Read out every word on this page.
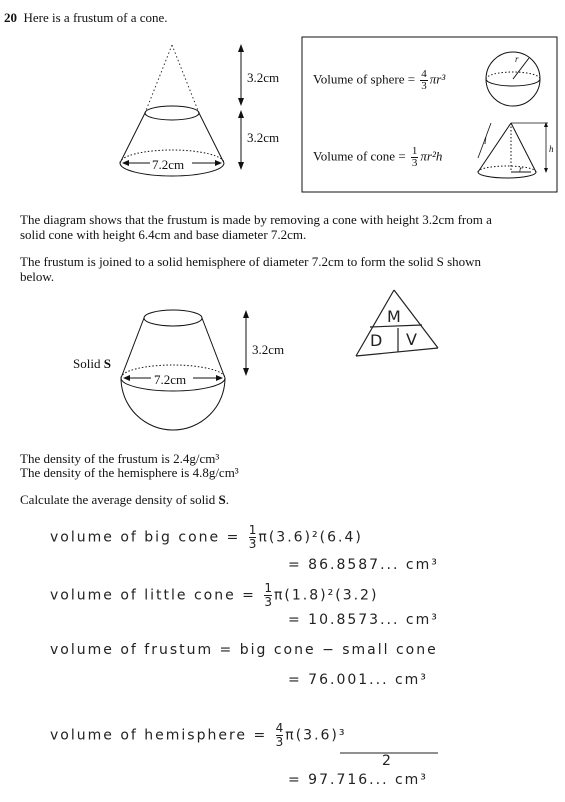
20 Here is a frustum of a cone.
3.2cm
3.2cm
7.2cm
Volume of sphere = $\frac{4}{3} \pi r^3$
Volume of cone = $\frac{1}{3} \pi r^2h$
r
l
h
r
The diagram shows that the frustum is made by removing a cone with height 3.2cm from a solid cone with height 6.4cm and base diameter 7.2cm.
The frustum is joined to a solid hemisphere of diameter 7.2cm to form the solid S shown below.
Solid S
3.2cm
7.2cm
M
D V
The density of the frustum is 2.4g/cm³
The density of the hemisphere is 4.8g/cm³
Calculate the average density of solid S.
volume of big cone = $\frac{1}{3} \pi(3.6)^2(6.4)$
= 86.8587... cm³
volume of little cone = $\frac{1}{3} \pi(1.8)^2(3.2)$
= 10.8573... cm³
volume of frustum = big cone − small cone
= 76.001... cm³
volume of hemisphere = $\frac{4}{3} \pi(3.6)^3$
2
= 97.716... cm³
